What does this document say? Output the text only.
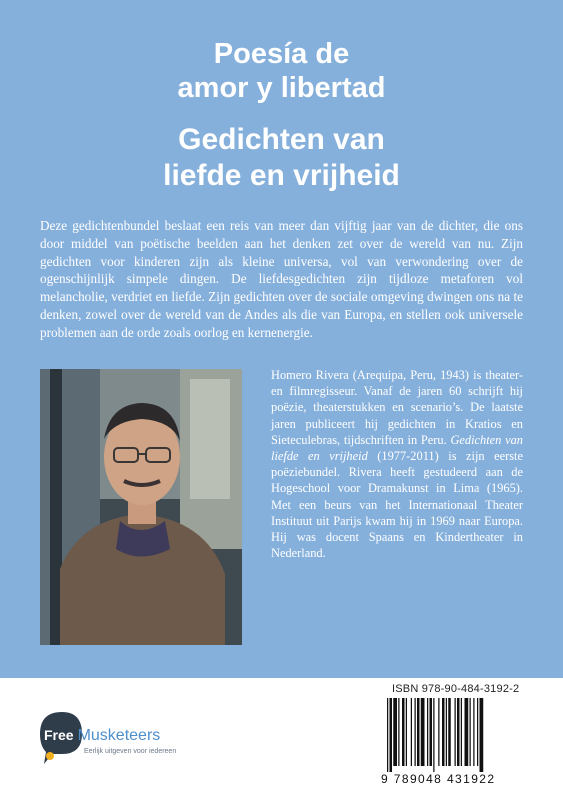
Poesía de
amor y libertad
Gedichten van
liefde en vrijheid

Deze gedichtenbundel beslaat een reis van meer dan vijftig jaar van de dichter, die ons door middel van poëtische beelden aan het denken zet over de wereld van nu. Zijn gedichten voor kinderen zijn als kleine universa, vol van verwondering over de ogenschijnlijk simpele dingen. De liefdesgedichten zijn tijdloze metaforen vol melancholie, verdriet en liefde. Zijn gedichten over de sociale omgeving dwingen ons na te denken, zowel over de wereld van de Andes als die van Europa, en stellen ook universele problemen aan de orde zoals oorlog en kernenergie.

Homero Rivera (Arequipa, Peru, 1943) is theater- en filmregisseur. Vanaf de jaren 60 schrijft hij poëzie, theaterstukken en scenario’s. De laatste jaren publiceert hij gedichten in Kratios en Sieteculebras, tijdschriften in Peru. Gedichten van liefde en vrijheid (1977-2011) is zijn eerste poëziebundel. Rivera heeft gestudeerd aan de Hogeschool voor Dramakunst in Lima (1965). Met een beurs van het Internationaal Theater Instituut uit Parijs kwam hij in 1969 naar Europa. Hij was docent Spaans en Kindertheater in Nederland.

Free Musketeers
Eerlijk uitgeven voor iedereen
ISBN 978-90-484-3192-2
9 789048 431922
